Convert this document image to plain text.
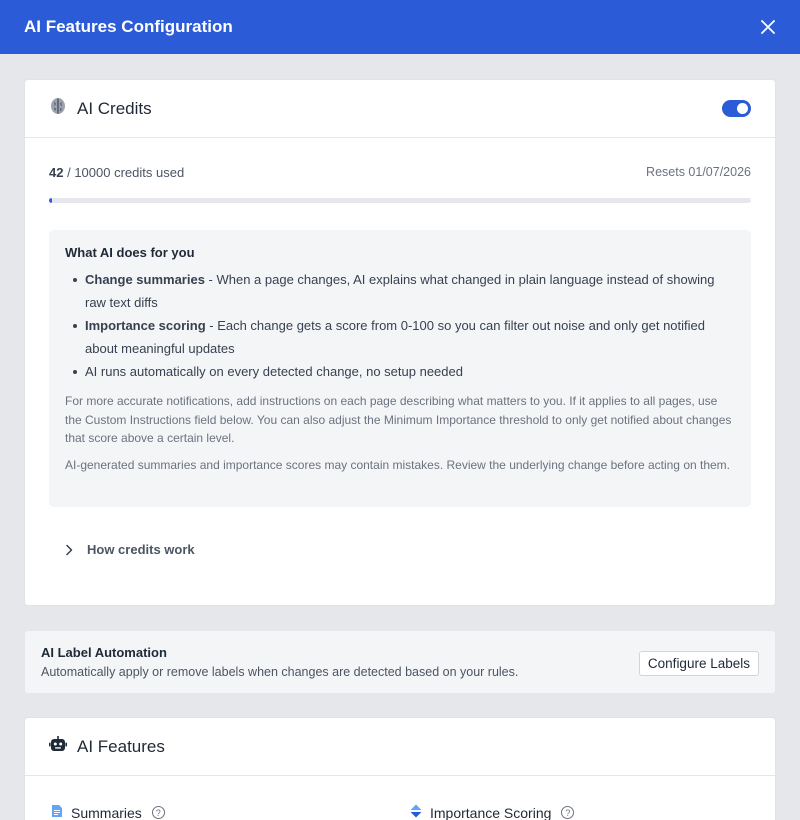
AI Features Configuration
AI Credits
42 / 10000 credits used	Resets 01/07/2026
What AI does for you
Change summaries - When a page changes, AI explains what changed in plain language instead of showing raw text diffs
Importance scoring - Each change gets a score from 0-100 so you can filter out noise and only get notified about meaningful updates
AI runs automatically on every detected change, no setup needed
For more accurate notifications, add instructions on each page describing what matters to you. If it applies to all pages, use the Custom Instructions field below. You can also adjust the Minimum Importance threshold to only get notified about changes that score above a certain level.
AI-generated summaries and importance scores may contain mistakes. Review the underlying change before acting on them.
How credits work
AI Label Automation
Automatically apply or remove labels when changes are detected based on your rules.
Configure Labels
AI Features
Summaries	?	Importance Scoring	?
